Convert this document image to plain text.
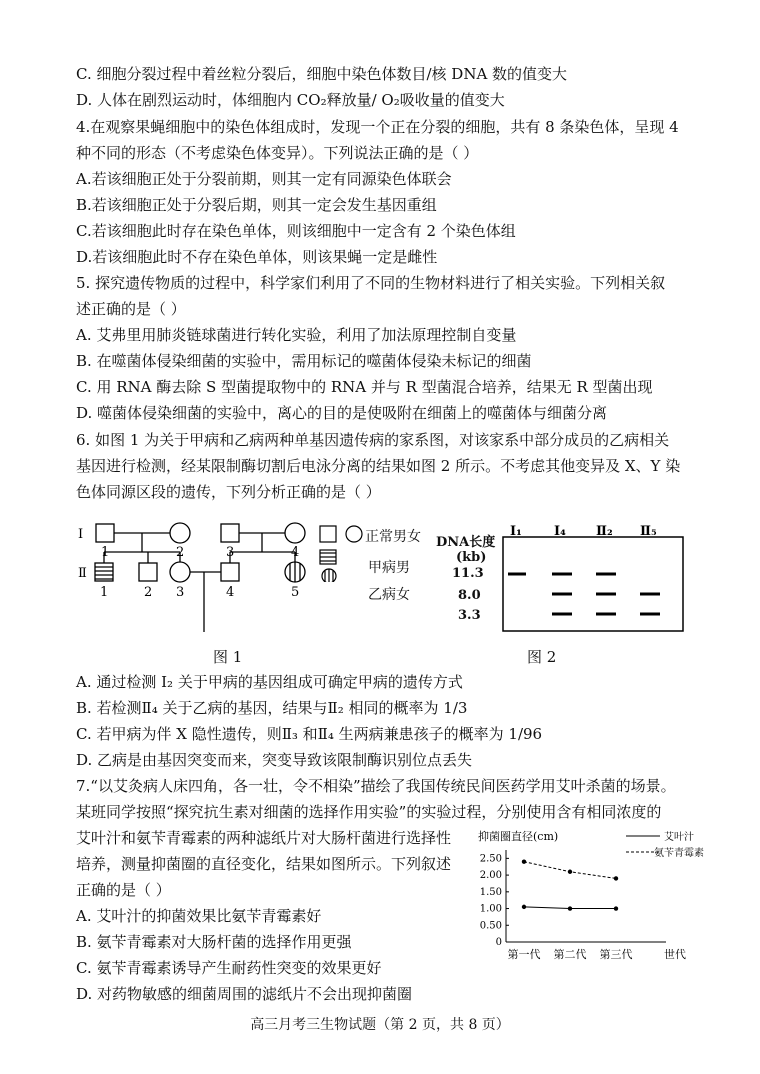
C. 细胞分裂过程中着丝粒分裂后，细胞中染色体数目/核 DNA 数的值变大
D. 人体在剧烈运动时，体细胞内 CO₂释放量/ O₂吸收量的值变大
4.在观察果蝇细胞中的染色体组成时，发现一个正在分裂的细胞，共有 8 条染色体，呈现 4
种不同的形态（不考虑染色体变异）。下列说法正确的是（ ）
A.若该细胞正处于分裂前期，则其一定有同源染色体联会
B.若该细胞正处于分裂后期，则其一定会发生基因重组
C.若该细胞此时存在染色单体，则该细胞中一定含有 2 个染色体组
D.若该细胞此时不存在染色单体，则该果蝇一定是雌性
5. 探究遗传物质的过程中，科学家们利用了不同的生物材料进行了相关实验。下列相关叙
述正确的是（ ）
A. 艾弗里用肺炎链球菌进行转化实验，利用了加法原理控制自变量
B. 在噬菌体侵染细菌的实验中，需用标记的噬菌体侵染未标记的细菌
C. 用 RNA 酶去除 S 型菌提取物中的 RNA 并与 R 型菌混合培养，结果无 R 型菌出现
D. 噬菌体侵染细菌的实验中，离心的目的是使吸附在细菌上的噬菌体与细菌分离
6. 如图 1 为关于甲病和乙病两种单基因遗传病的家系图，对该家系中部分成员的乙病相关
基因进行检测，经某限制酶切割后电泳分离的结果如图 2 所示。不考虑其他变异及 X、Y 染
色体同源区段的遗传，下列分析正确的是（ ）
Ⅰ
Ⅱ
1	2	3	4
1	2 3	4	5
正常男女
甲病男
乙病女
DNA长度
(kb)
11.3
8.0
3.3
I₁ I₄ Ⅱ₂ Ⅱ₅
图 1	图 2
A. 通过检测 I₂ 关于甲病的基因组成可确定甲病的遗传方式
B. 若检测Ⅱ₄ 关于乙病的基因，结果与Ⅱ₂ 相同的概率为 1/3
C. 若甲病为伴 X 隐性遗传，则Ⅱ₃ 和Ⅱ₄ 生两病兼患孩子的概率为 1/96
D. 乙病是由基因突变而来，突变导致该限制酶识别位点丢失
7.“以艾灸病人床四角，各一壮，令不相染”描绘了我国传统民间医药学用艾叶杀菌的场景。
某班同学按照“探究抗生素对细菌的选择作用实验”的实验过程，分别使用含有相同浓度的
艾叶汁和氨苄青霉素的两种滤纸片对大肠杆菌进行选择性
培养，测量抑菌圈的直径变化，结果如图所示。下列叙述
正确的是（ ）
A. 艾叶汁的抑菌效果比氨苄青霉素好
B. 氨苄青霉素对大肠杆菌的选择作用更强
C. 氨苄青霉素诱导产生耐药性突变的效果更好
D. 对药物敏感的细菌周围的滤纸片不会出现抑菌圈
抑菌圈直径(cm)	艾叶汁
氨苄青霉素
世代
2.50
2.00
1.50
1.00
0.50
0
第一代 第二代 第三代
高三月考三生物试题（第 2 页，共 8 页）
